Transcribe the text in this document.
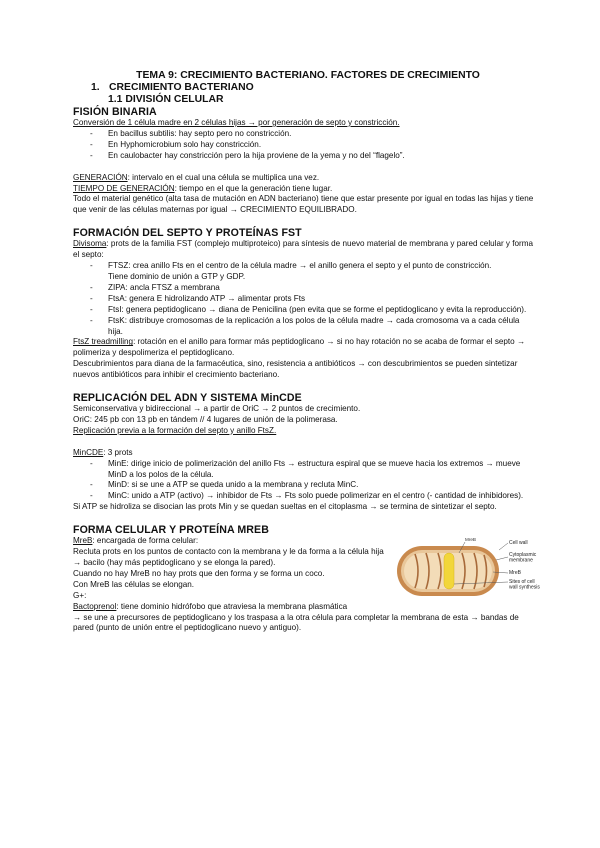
TEMA 9: CRECIMIENTO BACTERIANO. FACTORES DE CRECIMIENTO

1. CRECIMIENTO BACTERIANO

1.1 DIVISIÓN CELULAR

FISIÓN BINARIA

Conversión de 1 célula madre en 2 células hijas → por generación de septo y constricción.

- En bacillus subtilis: hay septo pero no constricción.
- En Hyphomicrobium solo hay constricción.
- En caulobacter hay constricción pero la hija proviene de la yema y no del “flagelo”.

GENERACIÓN: intervalo en el cual una célula se multiplica una vez.

TIEMPO DE GENERACIÓN: tiempo en el que la generación tiene lugar.

Todo el material genético (alta tasa de mutación en ADN bacteriano) tiene que estar presente por igual en todas las hijas y tiene que venir de las células maternas por igual → CRECIMIENTO EQUILIBRADO.

FORMACIÓN DEL SEPTO Y PROTEÍNAS FST

Divisoma: prots de la familia FST (complejo multiproteico) para síntesis de nuevo material de membrana y pared celular y forma el septo:

- FTSZ: crea anillo Fts en el centro de la célula madre → el anillo genera el septo y el punto de constricción.
Tiene dominio de unión a GTP y GDP.
- ZIPA: ancla FTSZ a membrana
- FtsA: genera E hidrolizando ATP → alimentar prots Fts
- FtsI: genera peptidoglicano → diana de Penicilina (pen evita que se forme el peptidoglicano y evita la reproducción).
- FtsK: distribuye cromosomas de la replicación a los polos de la célula madre → cada cromosoma va a cada célula hija.

FtsZ treadmilling: rotación en el anillo para formar más peptidoglicano → si no hay rotación no se acaba de formar el septo → polimeriza y despolimeriza el peptidoglicano.

Descubrimientos para diana de la farmacéutica, sino, resistencia a antibióticos → con descubrimientos se pueden sintetizar nuevos antibióticos para inhibir el crecimiento bacteriano.

REPLICACIÓN DEL ADN Y SISTEMA MinCDE

Semiconservativa y bidireccional → a partir de OriC → 2 puntos de crecimiento.

OriC: 245 pb con 13 pb en tándem // 4 lugares de unión de la polimerasa.

Replicación previa a la formación del septo y anillo FtsZ.

MinCDE: 3 prots

- MinE: dirige inicio de polimerización del anillo Fts → estructura espiral que se mueve hacia los extremos → mueve MinD a los polos de la célula.
- MinD: si se une a ATP se queda unido a la membrana y recluta MinC.
- MinC: unido a ATP (activo) → inhibidor de Fts → Fts solo puede polimerizar en el centro (- cantidad de inhibidores).

Si ATP se hidroliza se disocian las prots Min y se quedan sueltas en el citoplasma → se termina de sintetizar el septo.

FORMA CELULAR Y PROTEÍNA MREB

MreB: encargada de forma celular:

Recluta prots en los puntos de contacto con la membrana y le da forma a la célula hija → bacilo (hay más peptidoglicano y se elonga la pared).

Cuando no hay MreB no hay prots que den forma y se forma un coco.

Con MreB las células se elongan.

G+:

MreB
Cell wall
Cytoplasmic membrane
MreB
Sites of cell wall synthesis

Bactoprenol: tiene dominio hidrófobo que atraviesa la membrana plasmática

→ se une a precursores de peptidoglicano y los traspasa a la otra célula para completar la membrana de esta → bandas de pared (punto de unión entre el peptidoglicano nuevo y antiguo).
